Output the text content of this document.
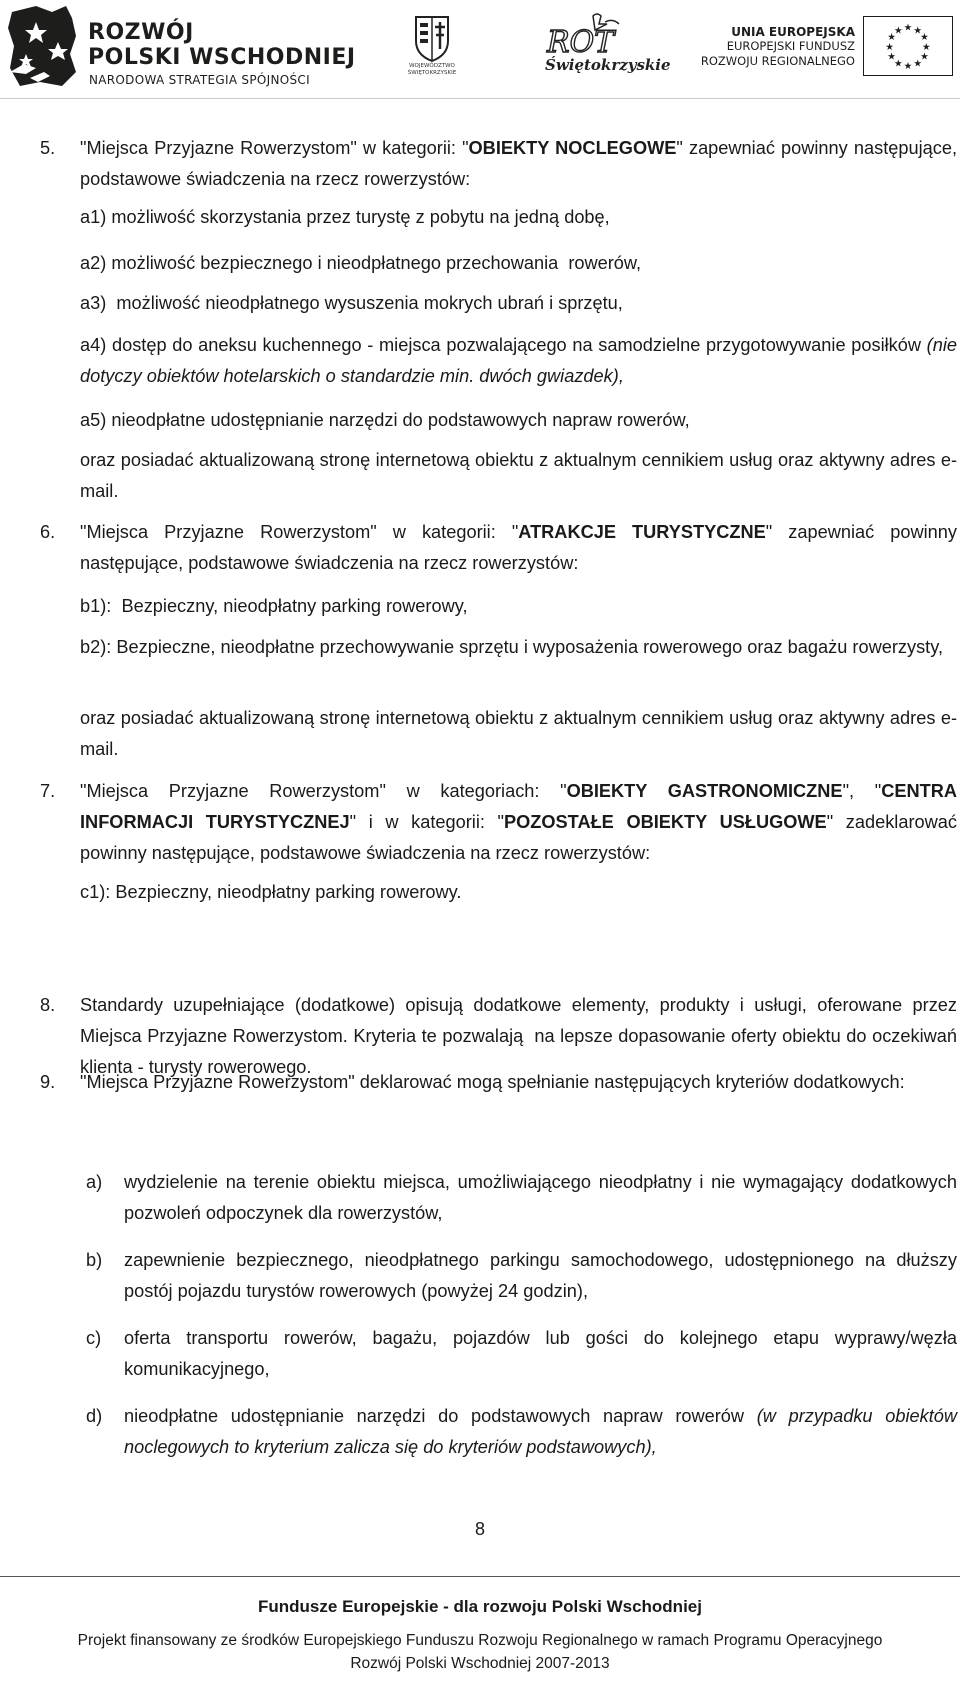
ROZWÓJ
POLSKI WSCHODNIEJ
NARODOWA STRATEGIA SPÓJNOŚCI
WOJEWÓDZTWO
ŚWIĘTOKRZYSKIE
ROT
Świętokrzyskie
UNIA EUROPEJSKA
EUROPEJSKI FUNDUSZ
ROZWOJU REGIONALNEGO
★ ★
★
★
★
★
★
★
★
★
★
★
5. "Miejsca Przyjazne Rowerzystom" w kategorii: "OBIEKTY NOCLEGOWE" zapewniać powinny następujące, podstawowe świadczenia na rzecz rowerzystów:
a1) możliwość skorzystania przez turystę z pobytu na jedną dobę,
a2) możliwość bezpiecznego i nieodpłatnego przechowania  rowerów,
a3)  możliwość nieodpłatnego wysuszenia mokrych ubrań i sprzętu,
a4) dostęp do aneksu kuchennego - miejsca pozwalającego na samodzielne przygotowywanie posiłków (nie dotyczy obiektów hotelarskich o standardzie min. dwóch gwiazdek),
a5) nieodpłatne udostępnianie narzędzi do podstawowych napraw rowerów,
oraz posiadać aktualizowaną stronę internetową obiektu z aktualnym cennikiem usług oraz aktywny adres e-mail.
6. "Miejsca Przyjazne Rowerzystom" w kategorii: "ATRAKCJE TURYSTYCZNE" zapewniać powinny następujące, podstawowe świadczenia na rzecz rowerzystów:
b1):  Bezpieczny, nieodpłatny parking rowerowy,
b2): Bezpieczne, nieodpłatne przechowywanie sprzętu i wyposażenia rowerowego oraz bagażu rowerzysty,
oraz posiadać aktualizowaną stronę internetową obiektu z aktualnym cennikiem usług oraz aktywny adres e-mail.
7. "Miejsca Przyjazne Rowerzystom" w kategoriach: "OBIEKTY GASTRONOMICZNE", "CENTRA INFORMACJI TURYSTYCZNEJ" i w kategorii: "POZOSTAŁE OBIEKTY USŁUGOWE" zadeklarować powinny następujące, podstawowe świadczenia na rzecz rowerzystów:
c1): Bezpieczny, nieodpłatny parking rowerowy.
8. Standardy uzupełniające (dodatkowe) opisują dodatkowe elementy, produkty i usługi, oferowane przez Miejsca Przyjazne Rowerzystom. Kryteria te pozwalają  na lepsze dopasowanie oferty obiektu do oczekiwań klienta - turysty rowerowego.
9. "Miejsca Przyjazne Rowerzystom" deklarować mogą spełnianie następujących kryteriów dodatkowych:
a) wydzielenie na terenie obiektu miejsca, umożliwiającego nieodpłatny i nie wymagający dodatkowych pozwoleń odpoczynek dla rowerzystów,
b) zapewnienie bezpiecznego, nieodpłatnego parkingu samochodowego, udostępnionego na dłuższy postój pojazdu turystów rowerowych (powyżej 24 godzin),
c) oferta transportu rowerów, bagażu, pojazdów lub gości do kolejnego etapu wyprawy/węzła komunikacyjnego,
d) nieodpłatne udostępnianie narzędzi do podstawowych napraw rowerów (w przypadku obiektów noclegowych to kryterium zalicza się do kryteriów podstawowych),
8
Fundusze Europejskie - dla rozwoju Polski Wschodniej
Projekt finansowany ze środków Europejskiego Funduszu Rozwoju Regionalnego w ramach Programu Operacyjnego
Rozwój Polski Wschodniej 2007-2013
